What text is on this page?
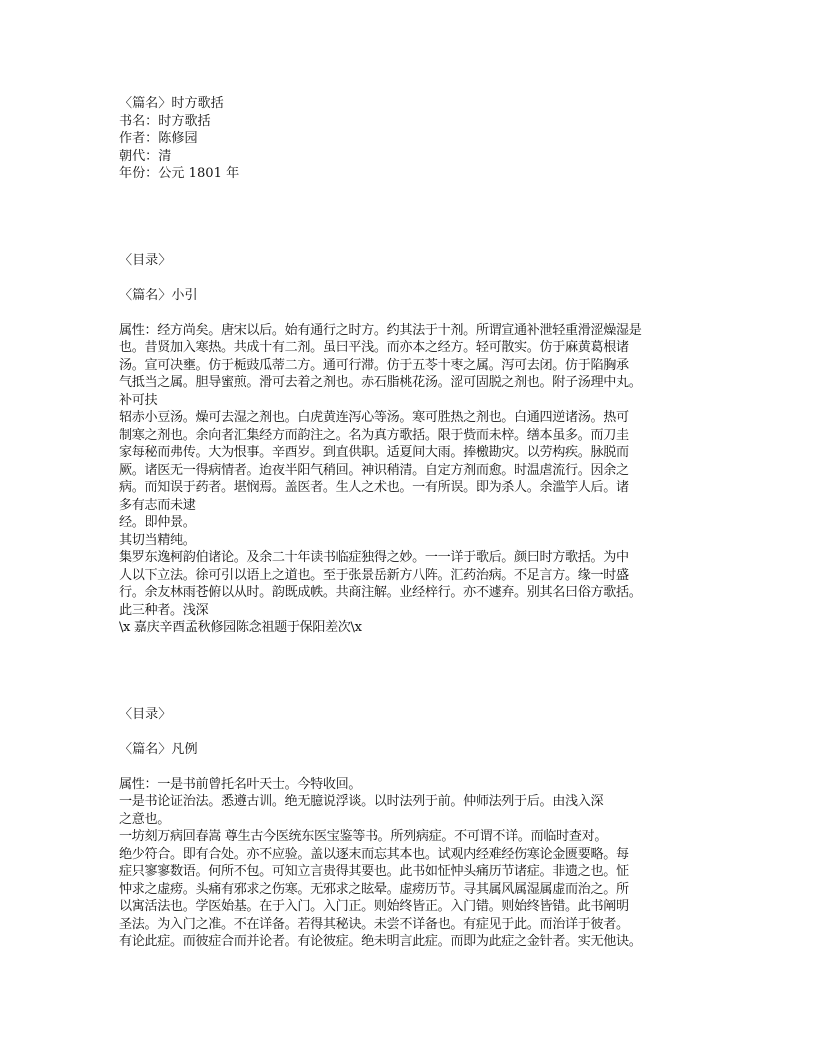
〈篇名〉时方歌括
书名：时方歌括
作者：陈修园
朝代：清
年份：公元 1801 年
〈目录〉
〈篇名〉小引
属性：经方尚矣。唐宋以后。始有通行之时方。约其法于十剂。所谓宣通补泄轻重滑涩燥湿是
也。昔贤加入寒热。共成十有二剂。虽曰平浅。而亦本之经方。轻可散实。仿于麻黄葛根诸
汤。宣可决壅。仿于栀豉瓜蒂二方。通可行滞。仿于五苓十枣之属。泻可去闭。仿于陷胸承
气抵当之属。胆导蜜煎。滑可去着之剂也。赤石脂桃花汤。涩可固脱之剂也。附子汤理中丸。
补可扶
轺赤小豆汤。燥可去湿之剂也。白虎黄连泻心等汤。寒可胜热之剂也。白通四逆诸汤。热可
制寒之剂也。余向者汇集经方而韵注之。名为真方歌括。限于赀而未梓。缮本虽多。而刀圭
家每秘而弗传。大为恨事。辛酉岁。到直供职。适夏间大雨。捧檄勘灾。以劳构疾。脉脱而
厥。诸医无一得病情者。迨夜半阳气稍回。神识稍清。自定方剂而愈。时温虐流行。因余之
病。而知误于药者。堪悯焉。盖医者。生人之术也。一有所误。即为杀人。余滥竽人后。诸
多有志而未逮
经。即仲景。
其切当精纯。
集罗东逸柯韵伯诸论。及余二十年读书临症独得之妙。一一详于歌后。颜曰时方歌括。为中
人以下立法。徐可引以语上之道也。至于张景岳新方八阵。汇药治病。不足言方。缘一时盛
行。余友林雨苍俯以从时。韵既成帙。共商注解。业经梓行。亦不遽弃。别其名曰俗方歌括。
此三种者。浅深
\x 嘉庆辛酉孟秋修园陈念祖题于保阳差次\x
〈目录〉
〈篇名〉凡例
属性：一是书前曾托名叶天士。今特收回。
一是书论证治法。悉遵古训。绝无臆说浮谈。以时法列于前。仲师法列于后。由浅入深
之意也。
一坊刻万病回春嵩 尊生古今医统东医宝鉴等书。所列病症。不可谓不详。而临时查对。
绝少符合。即有合处。亦不应验。盖以逐末而忘其本也。试观内经难经伤寒论金匮要略。每
症只寥寥数语。何所不包。可知立言贵得其要也。此书如怔忡头痛历节诸症。非遗之也。怔
忡求之虚痨。头痛有邪求之伤寒。无邪求之眩晕。虚痨历节。寻其属风属湿属虚而治之。所
以寓活法也。学医始基。在于入门。入门正。则始终皆正。入门错。则始终皆错。此书阐明
圣法。为入门之准。不在详备。若得其秘诀。未尝不详备也。有症见于此。而治详于彼者。
有论此症。而彼症合而并论者。有论彼症。绝未明言此症。而即为此症之金针者。实无他诀。
